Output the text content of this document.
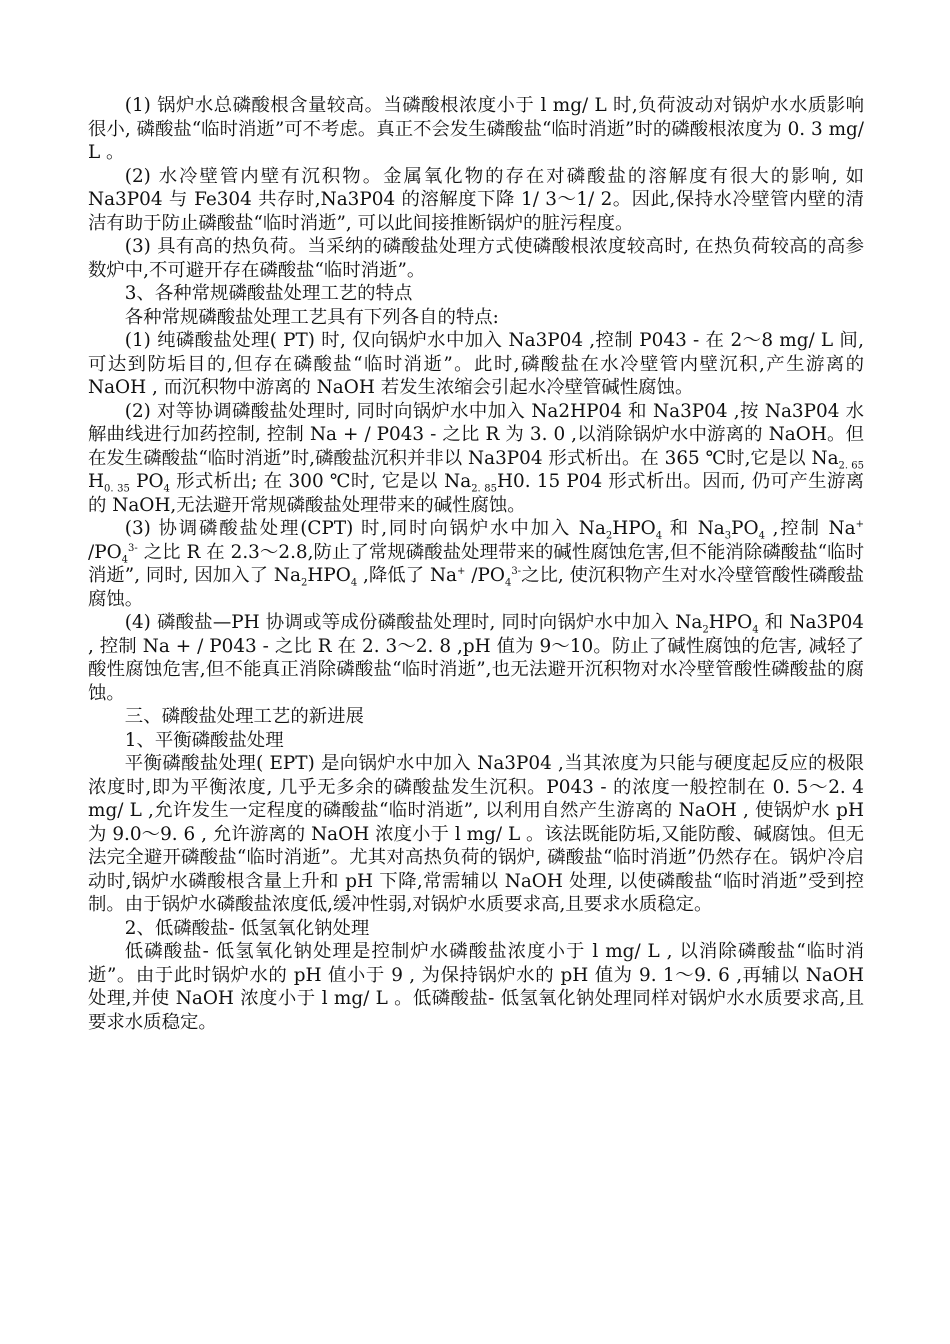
(1) 锅炉水总磷酸根含量较高。当磷酸根浓度小于 l mg/ L 时,负荷波动对锅炉水水质影响很小, 磷酸盐“临时消逝”可不考虑。真正不会发生磷酸盐“临时消逝”时的磷酸根浓度为 0. 3 mg/ L 。

(2) 水冷壁管内壁有沉积物。金属氧化物的存在对磷酸盐的溶解度有很大的影响, 如 Na3P04 与 Fe304 共存时,Na3P04 的溶解度下降 1/ 3～1/ 2。因此,保持水冷壁管内壁的清洁有助于防止磷酸盐“临时消逝”, 可以此间接推断锅炉的脏污程度。

(3) 具有高的热负荷。当采纳的磷酸盐处理方式使磷酸根浓度较高时, 在热负荷较高的高参数炉中,不可避开存在磷酸盐“临时消逝”。

3、各种常规磷酸盐处理工艺的特点

各种常规磷酸盐处理工艺具有下列各自的特点:

(1) 纯磷酸盐处理( PT) 时, 仅向锅炉水中加入 Na3P04 ,控制 P043 - 在 2～8 mg/ L 间,可达到防垢目的,但存在磷酸盐“临时消逝”。此时,磷酸盐在水冷壁管内壁沉积,产生游离的 NaOH , 而沉积物中游离的 NaOH 若发生浓缩会引起水冷壁管碱性腐蚀。

(2) 对等协调磷酸盐处理时, 同时向锅炉水中加入 Na2HP04 和 Na3P04 ,按 Na3P04 水解曲线进行加药控制, 控制 Na + / P043 - 之比 R 为 3. 0 ,以消除锅炉水中游离的 NaOH。但在发生磷酸盐“临时消逝”时,磷酸盐沉积并非以 Na3P04 形式析出。在 365 ℃时,它是以 $Na_{2. 65}$ $H_{0. 35}$ $PO_4$ 形式析出; 在 300 ℃时, 它是以 $Na_{2. 85}H0$. 15 P04 形式析出。因而, 仍可产生游离的 NaOH,无法避开常规磷酸盐处理带来的碱性腐蚀。

(3) 协调磷酸盐处理(CPT) 时,同时向锅炉水中加入 $Na_2HPO_4$ 和 $Na_3PO_4$ ,控制 Na+ $/PO_4^{3-}$ 之比 R 在 2.3～2.8,防止了常规磷酸盐处理带来的碱性腐蚀危害,但不能消除磷酸盐“临时消逝”, 同时, 因加入了 $Na_2HPO_4$ ,降低了 Na+ $/PO_4^{3-}$之比, 使沉积物产生对水冷壁管酸性磷酸盐腐蚀。

(4) 磷酸盐—PH 协调或等成份磷酸盐处理时, 同时向锅炉水中加入 $Na_2HPO_4$ 和 Na3P04 , 控制 Na + / P043 - 之比 R 在 2. 3～2. 8 ,pH 值为 9～10。防止了碱性腐蚀的危害, 减轻了酸性腐蚀危害,但不能真正消除磷酸盐“临时消逝”,也无法避开沉积物对水冷壁管酸性磷酸盐的腐蚀。

三、磷酸盐处理工艺的新进展

1、平衡磷酸盐处理

平衡磷酸盐处理( EPT) 是向锅炉水中加入 Na3P04 ,当其浓度为只能与硬度起反应的极限浓度时,即为平衡浓度, 几乎无多余的磷酸盐发生沉积。P043 - 的浓度一般控制在 0. 5～2. 4 mg/ L ,允许发生一定程度的磷酸盐“临时消逝”, 以利用自然产生游离的 NaOH , 使锅炉水 pH 为 9.0～9. 6 , 允许游离的 NaOH 浓度小于 l mg/ L 。该法既能防垢,又能防酸、碱腐蚀。但无法完全避开磷酸盐“临时消逝”。尤其对高热负荷的锅炉, 磷酸盐“临时消逝”仍然存在。锅炉冷启动时,锅炉水磷酸根含量上升和 pH 下降,常需辅以 NaOH 处理, 以使磷酸盐“临时消逝”受到控制。由于锅炉水磷酸盐浓度低,缓冲性弱,对锅炉水质要求高,且要求水质稳定。

2、低磷酸盐- 低氢氧化钠处理

低磷酸盐- 低氢氧化钠处理是控制炉水磷酸盐浓度小于 l mg/ L , 以消除磷酸盐“临时消逝”。由于此时锅炉水的 pH 值小于 9 , 为保持锅炉水的 pH 值为 9. 1～9. 6 ,再辅以 NaOH 处理,并使 NaOH 浓度小于 l mg/ L 。低磷酸盐- 低氢氧化钠处理同样对锅炉水水质要求高,且要求水质稳定。
